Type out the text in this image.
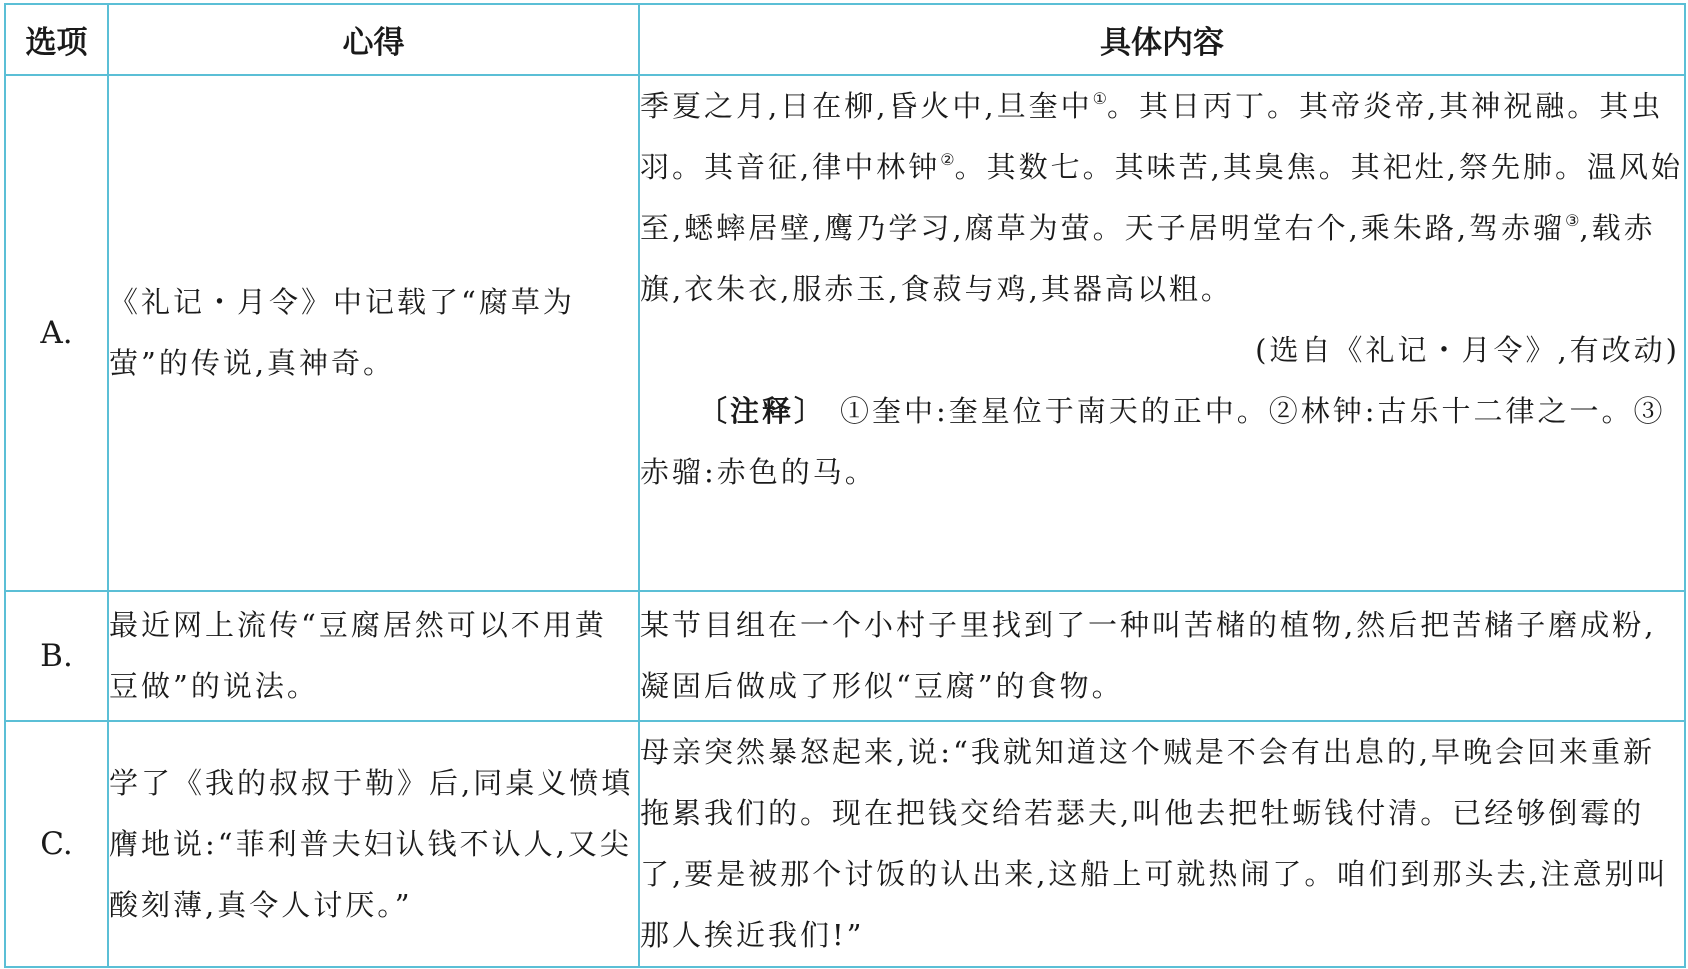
选项	心得	具体内容
A.	《礼记・月令》中记载了“腐草为萤”的传说,真神奇。	季夏之月,日在柳,昏火中,旦奎中①。其日丙丁。其帝炎帝,其神祝融。其虫羽。其音征,律中林钟②。其数七。其味苦,其臭焦。其祀灶,祭先肺。温风始至,蟋蟀居壁,鹰乃学习,腐草为萤。天子居明堂右个,乘朱路,驾赤骝③,载赤旗,衣朱衣,服赤玉,食菽与鸡,其器高以粗。

(选自《礼记・月令》,有改动)

〔注释〕 ①奎中:奎星位于南天的正中。②林钟:古乐十二律之一。③赤骝:赤色的马。

B.	最近网上流传“豆腐居然可以不用黄豆做”的说法。	某节目组在一个小村子里找到了一种叫苦槠的植物,然后把苦槠子磨成粉,凝固后做成了形似“豆腐”的食物。
C.	学了《我的叔叔于勒》后,同桌义愤填膺地说:“菲利普夫妇认钱不认人,又尖酸刻薄,真令人讨厌。”	母亲突然暴怒起来,说:“我就知道这个贼是不会有出息的,早晚会回来重新拖累我们的。现在把钱交给若瑟夫,叫他去把牡蛎钱付清。已经够倒霉的了,要是被那个讨饭的认出来,这船上可就热闹了。咱们到那头去,注意别叫那人挨近我们!”
